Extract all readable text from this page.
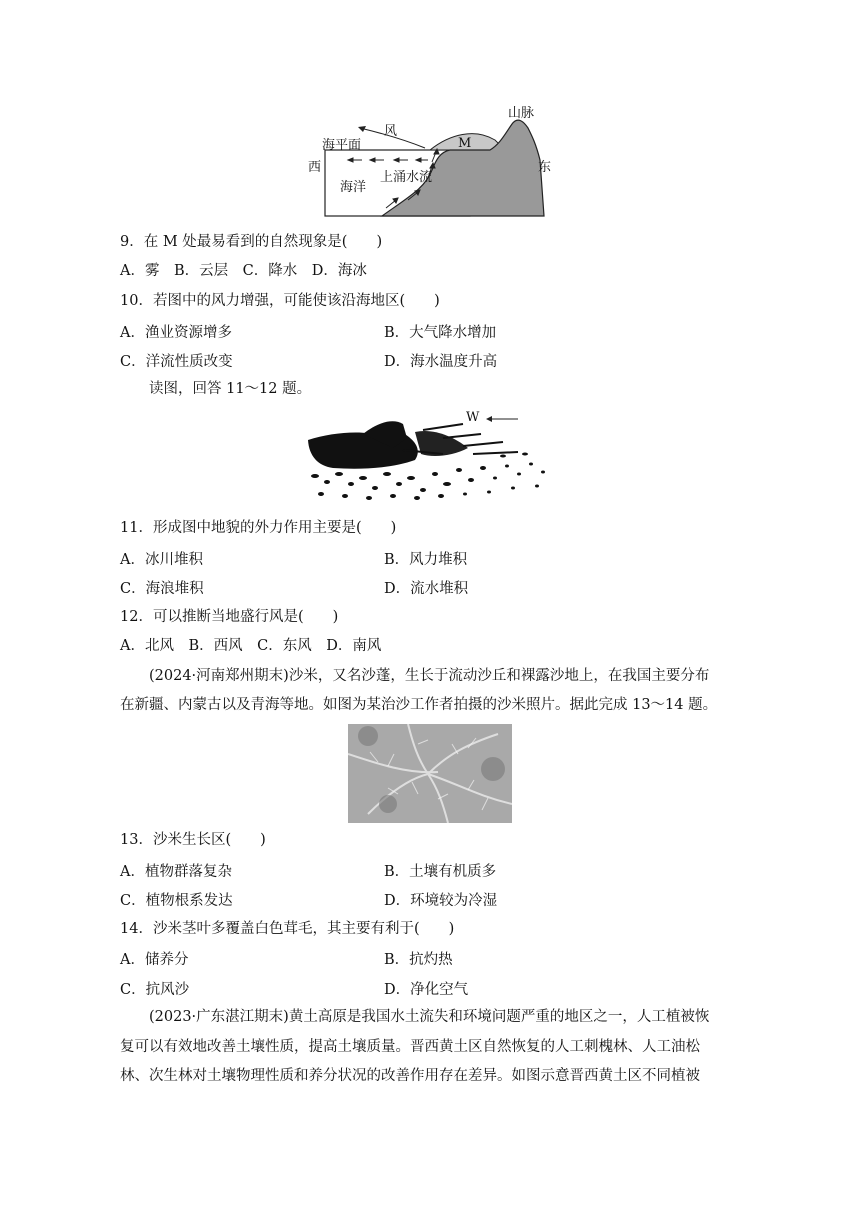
山脉
风
海平面	M
西	东
海洋
上涌水流
9．在 M 处最易看到的自然现象是(　　)
A．雾　B．云层　C．降水　D．海冰
10．若图中的风力增强，可能使该沿海地区(　　)
A．渔业资源增多	B．大气降水增加
C．洋流性质改变	D．海水温度升高
读图，回答 11～12 题。
W
11．形成图中地貌的外力作用主要是(　　)
A．冰川堆积	B．风力堆积
C．海浪堆积	D．流水堆积
12．可以推断当地盛行风是(　　)
A．北风　B．西风　C．东风　D．南风
(2024·河南郑州期末)沙米，又名沙蓬，生长于流动沙丘和裸露沙地上，在我国主要分布
在新疆、内蒙古以及青海等地。如图为某治沙工作者拍摄的沙米照片。据此完成 13～14 题。
13．沙米生长区(　　)
A．植物群落复杂	B．土壤有机质多
C．植物根系发达	D．环境较为冷湿
14．沙米茎叶多覆盖白色茸毛，其主要有利于(　　)
A．储养分	B．抗灼热
C．抗风沙	D．净化空气
(2023·广东湛江期末)黄土高原是我国水土流失和环境问题严重的地区之一，人工植被恢
复可以有效地改善土壤性质，提高土壤质量。晋西黄土区自然恢复的人工刺槐林、人工油松
林、次生林对土壤物理性质和养分状况的改善作用存在差异。如图示意晋西黄土区不同植被
